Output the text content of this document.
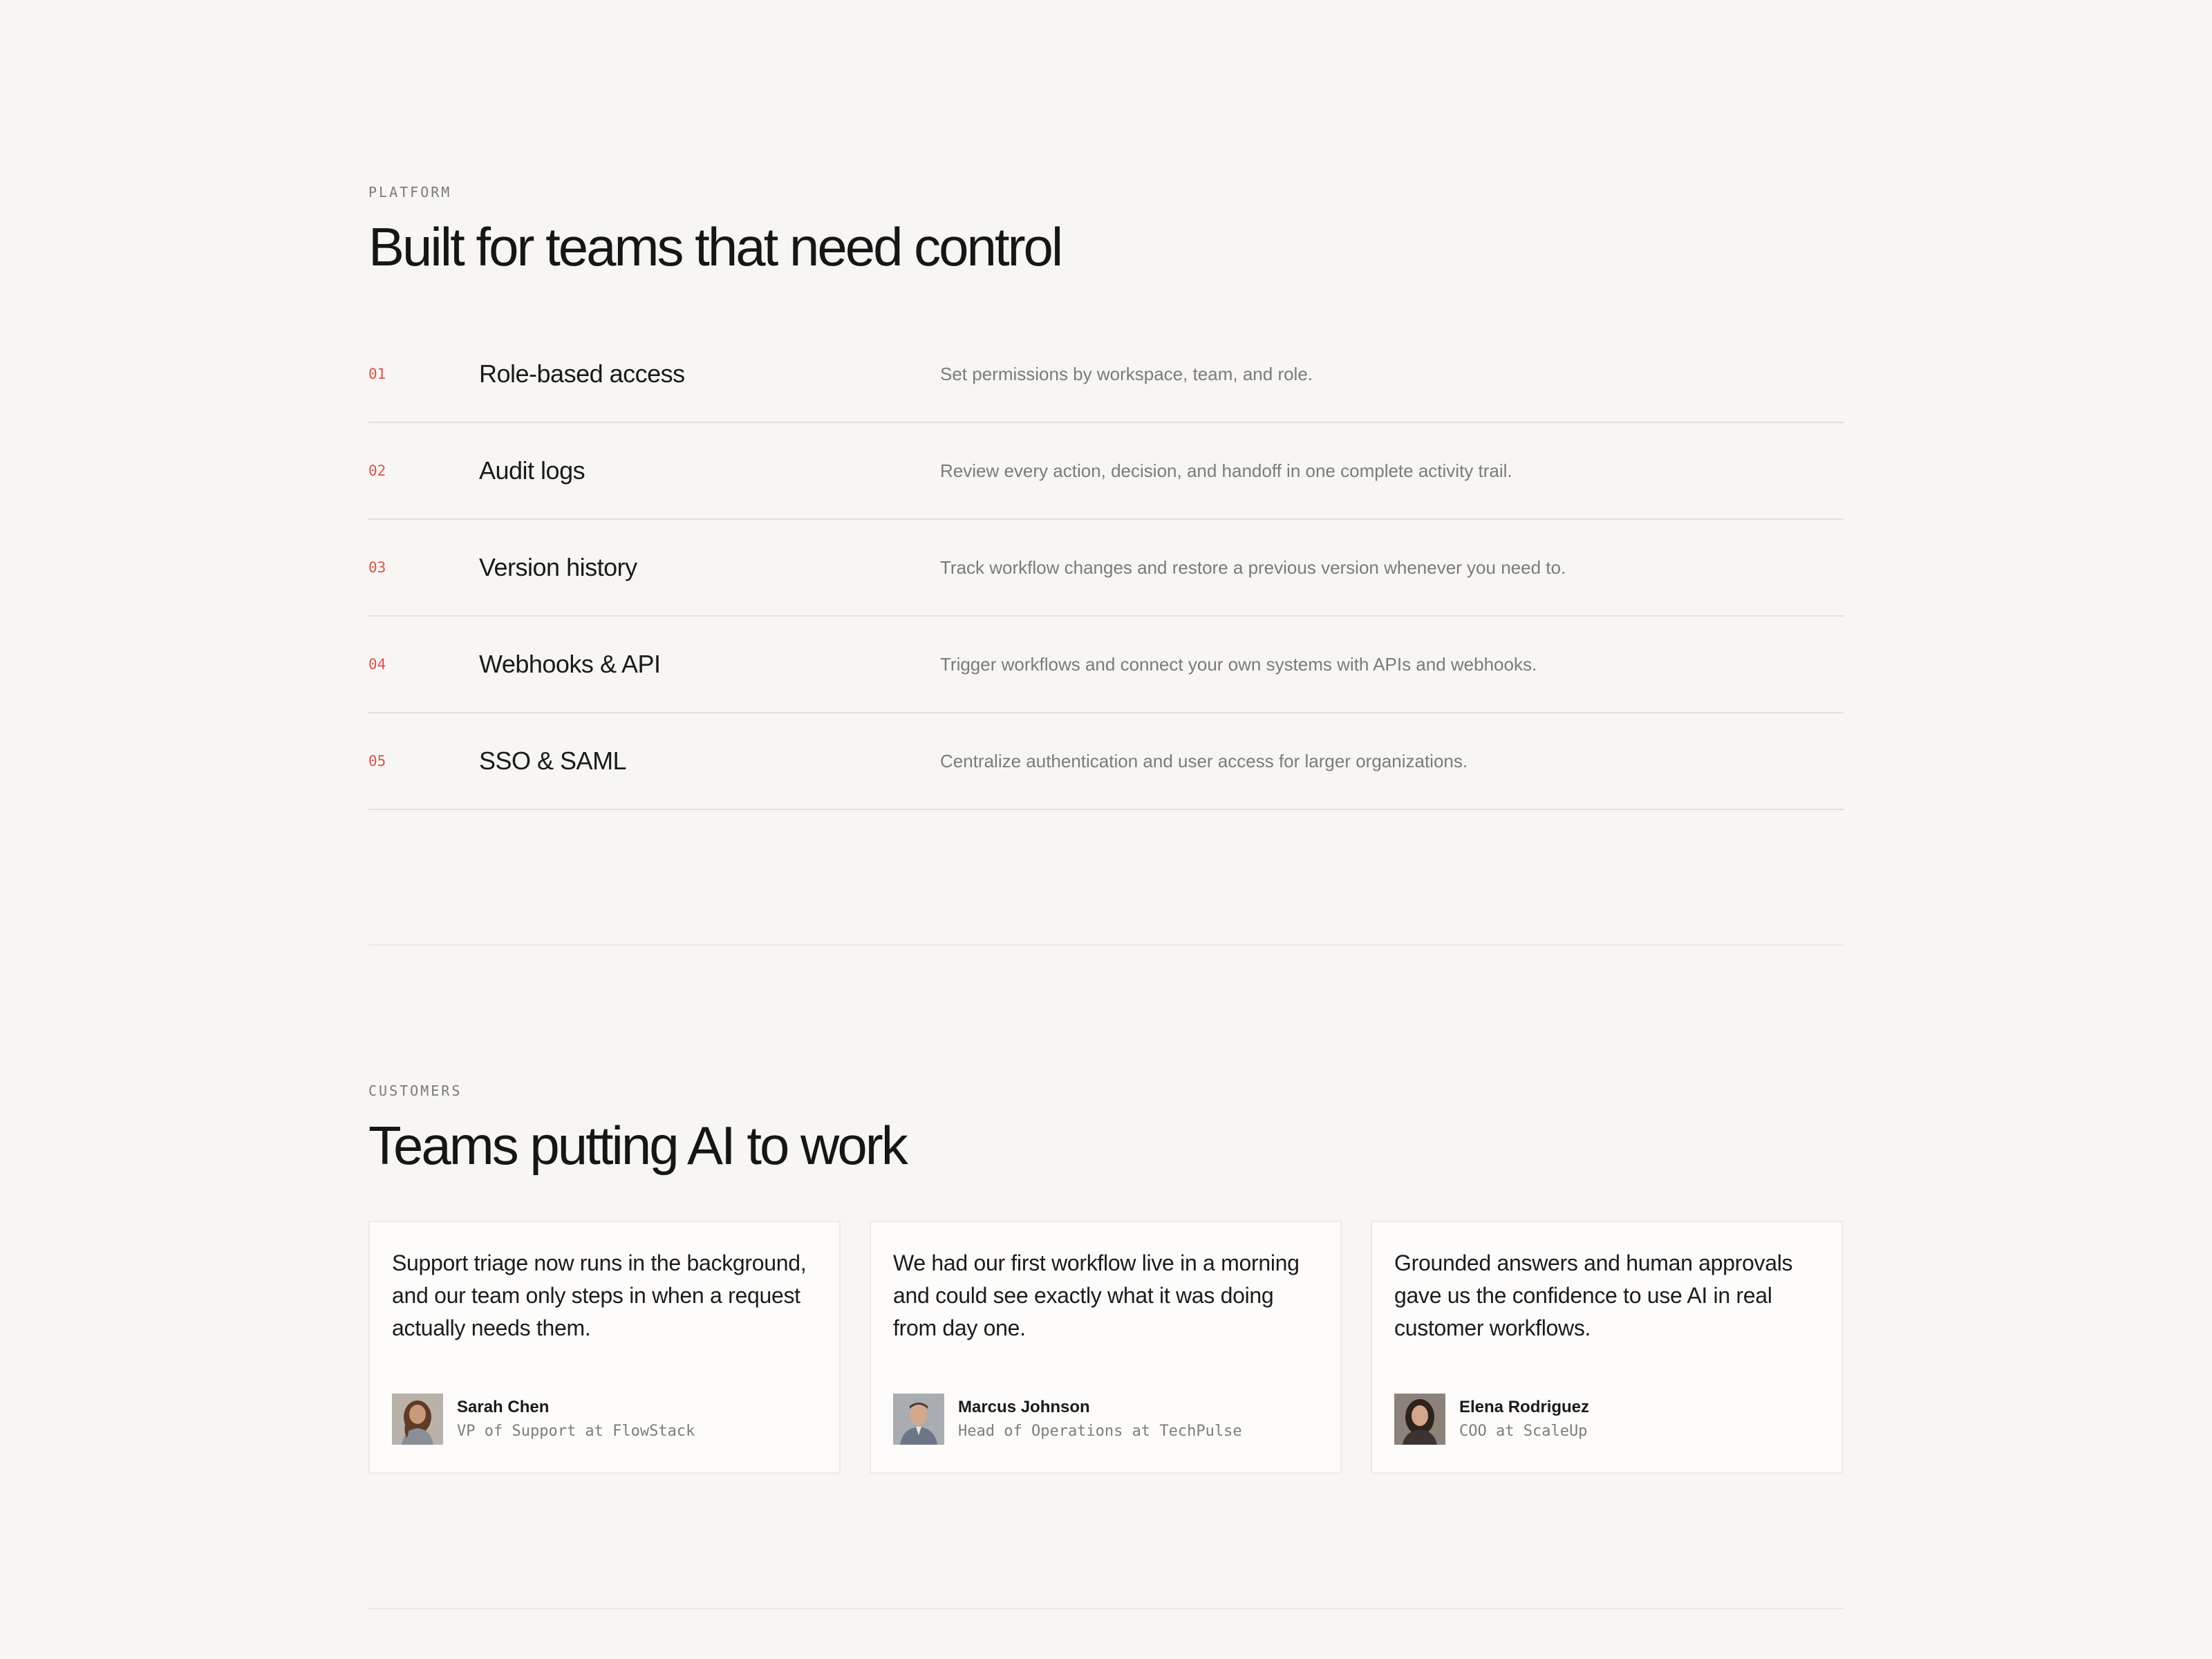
PLATFORM

Built for teams that need control
01	Role-based access	Set permissions by workspace, team, and role.
02	Audit logs	Review every action, decision, and handoff in one complete activity trail.
03	Version history	Track workflow changes and restore a previous version whenever you need to.
04	Webhooks & API	Trigger workflows and connect your own systems with APIs and webhooks.
05	SSO & SAML	Centralize authentication and user access for larger organizations.

CUSTOMERS

Teams putting AI to work

Support triage now runs in the background, and our team only steps in when a request actually needs them.

Sarah Chen

VP of Support at FlowStack

We had our first workflow live in a morning and could see exactly what it was doing from day one.

Marcus Johnson

Head of Operations at TechPulse

Grounded answers and human approvals gave us the confidence to use AI in real customer workflows.

Elena Rodriguez

COO at ScaleUp
